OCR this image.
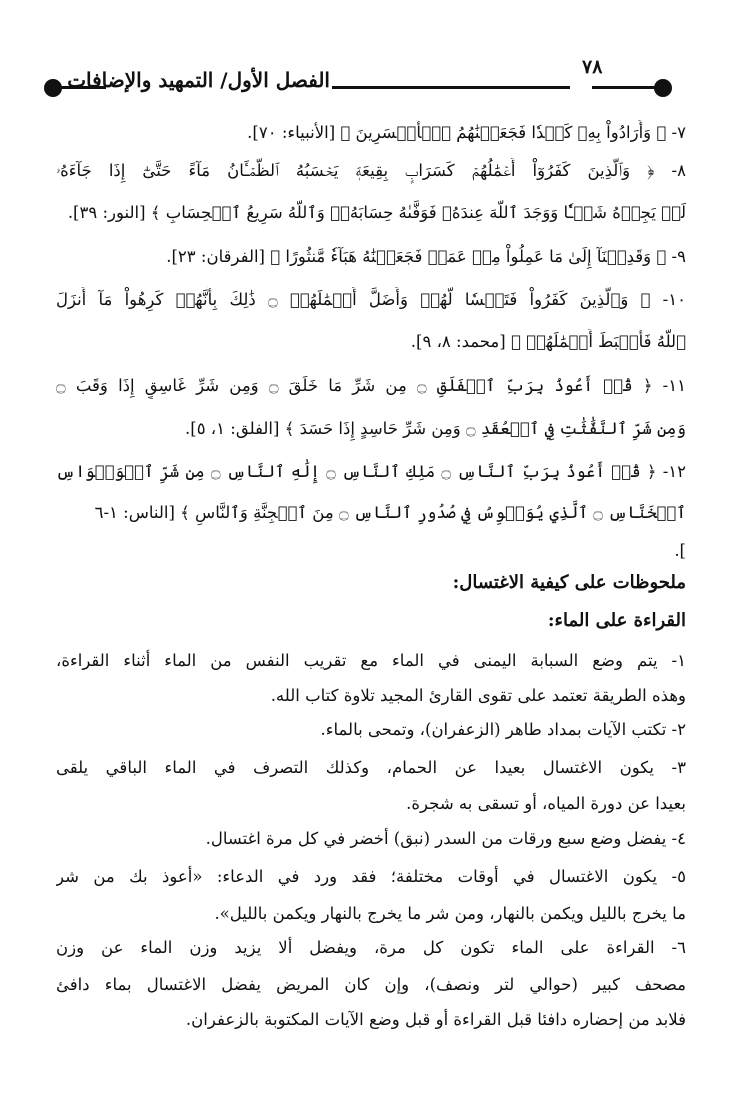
الفصل الأول/ التمهيد والإضافات
٧٨
٧- ﴿ وَأَرَادُواْ بِهِۦ كَيۡدٗا فَجَعَلۡنَٰهُمُ ٱلۡأَخۡسَرِينَ ﴾ [الأنبياء: ٧٠].
٨- ﴿ وَٱلَّذِينَ كَفَرُوٓاْ أَعۡمَٰلُهُمۡ كَسَرَابِۭ بِقِيعَةٖ يَحۡسَبُهُ ٱلظَّمۡـَٔانُ مَآءً حَتَّىٰٓ إِذَا جَآءَهُۥ
لَمۡ يَجِدۡهُ شَيۡـٔٗا وَوَجَدَ ٱللَّهَ عِندَهُۥ فَوَفَّىٰهُ حِسَابَهُۥۗ وَٱللَّهُ سَرِيعُ ٱلۡحِسَابِ ﴾ [النور: ٣٩].
٩- ﴿ وَقَدِمۡنَآ إِلَىٰ مَا عَمِلُواْ مِنۡ عَمَلٖ فَجَعَلۡنَٰهُ هَبَآءٗ مَّنثُورًا ﴾ [الفرقان: ٢٣].
١٠- ﴿ وَٱلَّذِينَ كَفَرُواْ فَتَعۡسٗا لَّهُمۡ وَأَضَلَّ أَعۡمَٰلَهُمۡ ۝ ذَٰلِكَ بِأَنَّهُمۡ كَرِهُواْ مَآ أَنزَلَ
ٱللَّهُ فَأَحۡبَطَ أَعۡمَٰلَهُمۡ ﴾ [محمد: ٨، ٩].
١١- ﴿ قُلۡ أَعُوذُ بِرَبِّ ٱلۡفَلَقِ ۝ مِن شَرِّ مَا خَلَقَ ۝ وَمِن شَرِّ غَاسِقٍ إِذَا وَقَبَ ۝
وَمِن شَرِّ ٱلنَّفَّٰثَٰتِ فِي ٱلۡعُقَدِ ۝ وَمِن شَرِّ حَاسِدٍ إِذَا حَسَدَ ﴾ [الفلق: ١، ٥].
١٢- ﴿ قُلۡ أَعُوذُ بِرَبِّ ٱلنَّاسِ ۝ مَلِكِ ٱلنَّاسِ ۝ إِلَٰهِ ٱلنَّاسِ ۝ مِن شَرِّ ٱلۡوَسۡوَاسِ
ٱلۡخَنَّاسِ ۝ ٱلَّذِي يُوَسۡوِسُ فِي صُدُورِ ٱلنَّاسِ ۝ مِنَ ٱلۡجِنَّةِ وَٱلنَّاسِ ﴾ [الناس: ١-٦
].
ملحوظات على كيفية الاغتسال:
القراءة على الماء:
١- يتم وضع السبابة اليمنى في الماء مع تقريب النفس من الماء أثناء القراءة،
وهذه الطريقة تعتمد على تقوى القارئ المجيد تلاوة كتاب الله.
٢- تكتب الآيات بمداد طاهر (الزعفران)، وتمحى بالماء.
٣- يكون الاغتسال بعيدا عن الحمام، وكذلك التصرف في الماء الباقي يلقى
بعيدا عن دورة المياه، أو تسقى به شجرة.
٤- يفضل وضع سبع ورقات من السدر (نبق) أخضر في كل مرة اغتسال.
٥- يكون الاغتسال في أوقات مختلفة؛ فقد ورد في الدعاء: «أعوذ بك من شر
ما يخرج بالليل ويكمن بالنهار، ومن شر ما يخرج بالنهار ويكمن بالليل».
٦- القراءة على الماء تكون كل مرة، ويفضل ألا يزيد وزن الماء عن وزن
مصحف كبير (حوالي لتر ونصف)، وإن كان المريض يفضل الاغتسال بماء دافئ
فلابد من إحضاره دافئا قبل القراءة أو قبل وضع الآيات المكتوبة بالزعفران.
